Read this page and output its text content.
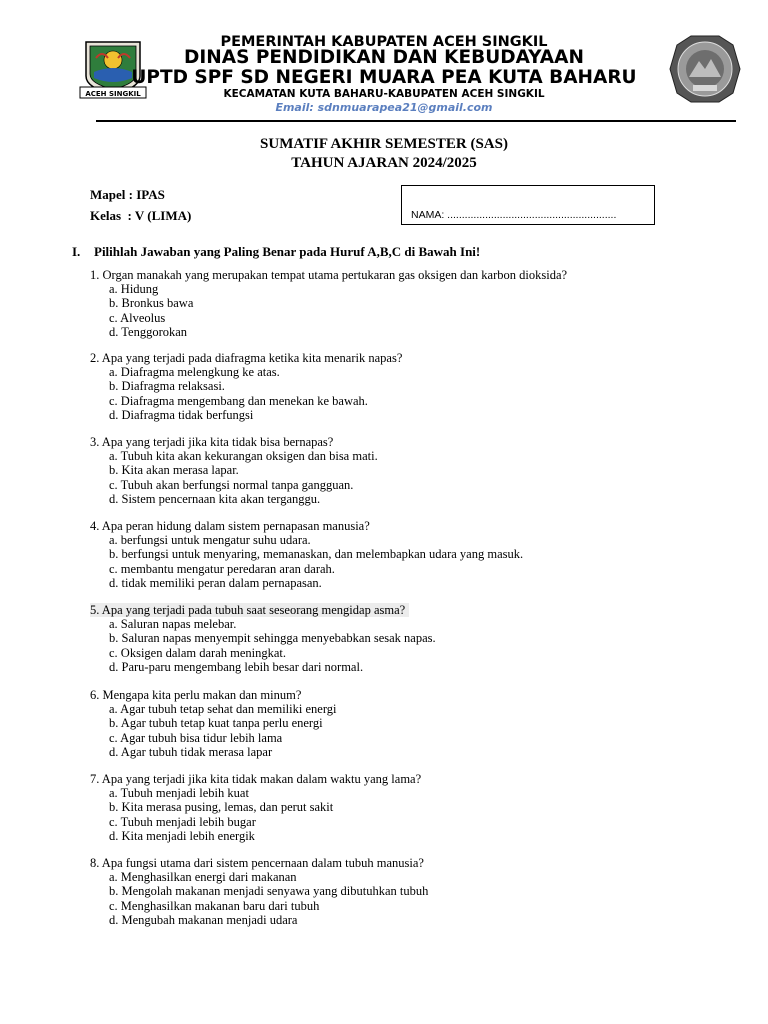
ACEH SINGKIL
PEMERINTAH KABUPATEN ACEH SINGKIL
DINAS PENDIDIKAN DAN KEBUDAYAAN
UPTD SPF SD NEGERI MUARA PEA KUTA BAHARU
KECAMATAN KUTA BAHARU-KABUPATEN ACEH SINGKIL
Email: sdnmuarapea21@gmail.com
SUMATIF AKHIR SEMESTER (SAS)
TAHUN AJARAN 2024/2025
Mapel : IPAS
Kelas  : V (LIMA)	NAMA: ..........................................................
I. Pilihlah Jawaban yang Paling Benar pada Huruf A,B,C di Bawah Ini!
1. Organ manakah yang merupakan tempat utama pertukaran gas oksigen dan karbon dioksida?
a. Hidung
b. Bronkus bawa
c. Alveolus
d. Tenggorokan
2. Apa yang terjadi pada diafragma ketika kita menarik napas?
a. Diafragma melengkung ke atas.
b. Diafragma relaksasi.
c. Diafragma mengembang dan menekan ke bawah.
d. Diafragma tidak berfungsi
3. Apa yang terjadi jika kita tidak bisa bernapas?
a. Tubuh kita akan kekurangan oksigen dan bisa mati.
b. Kita akan merasa lapar.
c. Tubuh akan berfungsi normal tanpa gangguan.
d. Sistem pencernaan kita akan terganggu.
4. Apa peran hidung dalam sistem pernapasan manusia?
a. berfungsi untuk mengatur suhu udara.
b. berfungsi untuk menyaring, memanaskan, dan melembapkan udara yang masuk.
c. membantu mengatur peredaran aran darah.
d. tidak memiliki peran dalam pernapasan.
5. Apa yang terjadi pada tubuh saat seseorang mengidap asma?
a. Saluran napas melebar.
b. Saluran napas menyempit sehingga menyebabkan sesak napas.
c. Oksigen dalam darah meningkat.
d. Paru-paru mengembang lebih besar dari normal.
6. Mengapa kita perlu makan dan minum?
a. Agar tubuh tetap sehat dan memiliki energi
b. Agar tubuh tetap kuat tanpa perlu energi
c. Agar tubuh bisa tidur lebih lama
d. Agar tubuh tidak merasa lapar
7. Apa yang terjadi jika kita tidak makan dalam waktu yang lama?
a. Tubuh menjadi lebih kuat
b. Kita merasa pusing, lemas, dan perut sakit
c. Tubuh menjadi lebih bugar
d. Kita menjadi lebih energik
8. Apa fungsi utama dari sistem pencernaan dalam tubuh manusia?
a. Menghasilkan energi dari makanan
b. Mengolah makanan menjadi senyawa yang dibutuhkan tubuh
c. Menghasilkan makanan baru dari tubuh
d. Mengubah makanan menjadi udara
